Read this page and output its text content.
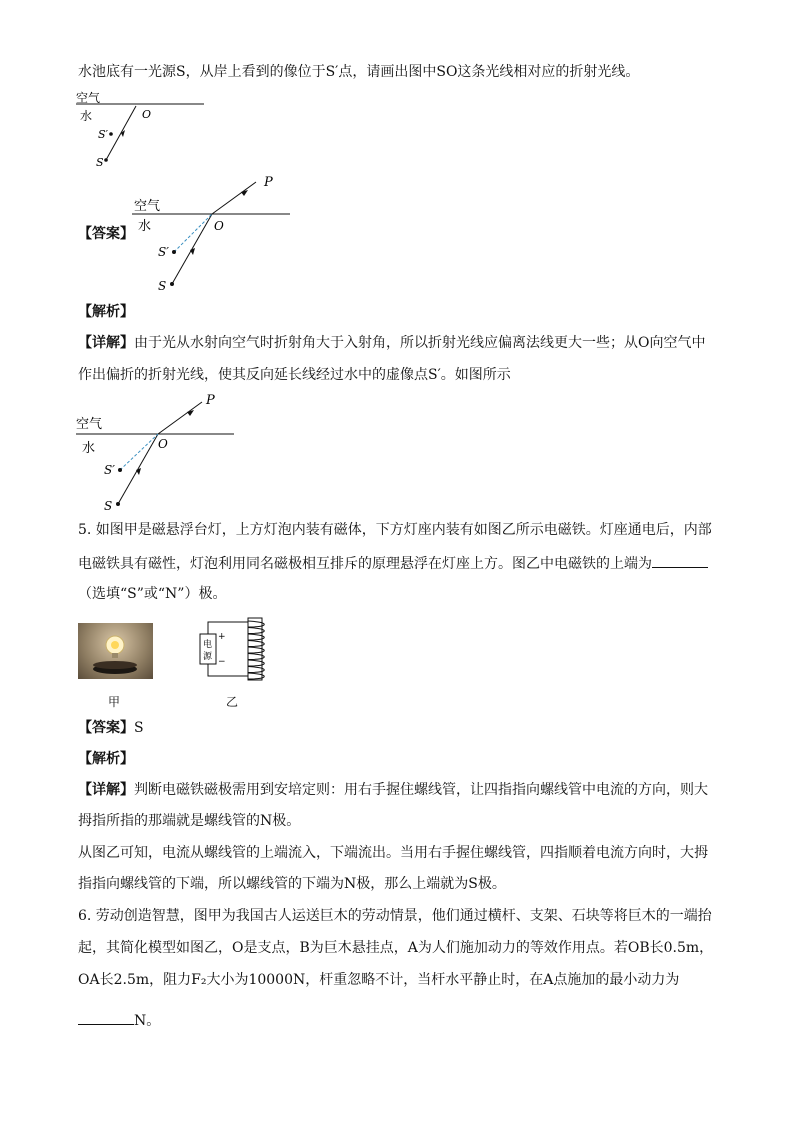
水池底有一光源S，从岸上看到的像位于S′点，请画出图中SO这条光线相对应的折射光线。
空气
水	O
S′
S
【答案】
P
空气
水	O
S′
S
【解析】
【详解】由于光从水射向空气时折射角大于入射角，所以折射光线应偏离法线更大一些；从O向空气中
作出偏折的折射光线，使其反向延长线经过水中的虚像点S′。如图所示
P
空气
水	O
S′
S
5. 如图甲是磁悬浮台灯，上方灯泡内装有磁体，下方灯座内装有如图乙所示电磁铁。灯座通电后，内部
电磁铁具有磁性，灯泡利用同名磁极相互排斥的原理悬浮在灯座上方。图乙中电磁铁的上端为
（选填“S”或“N”）极。
甲
电
源
+
−
乙
【答案】S
【解析】
【详解】判断电磁铁磁极需用到安培定则：用右手握住螺线管，让四指指向螺线管中电流的方向，则大
拇指所指的那端就是螺线管的N极。
从图乙可知，电流从螺线管的上端流入，下端流出。当用右手握住螺线管，四指顺着电流方向时，大拇
指指向螺线管的下端，所以螺线管的下端为N极，那么上端就为S极。
6. 劳动创造智慧，图甲为我国古人运送巨木的劳动情景，他们通过横杆、支架、石块等将巨木的一端抬
起，其简化模型如图乙，O是支点，B为巨木悬挂点，A为人们施加动力的等效作用点。若OB长0.5m，
OA长2.5m，阻力F₂大小为10000N，杆重忽略不计，当杆水平静止时，在A点施加的最小动力为
N。
